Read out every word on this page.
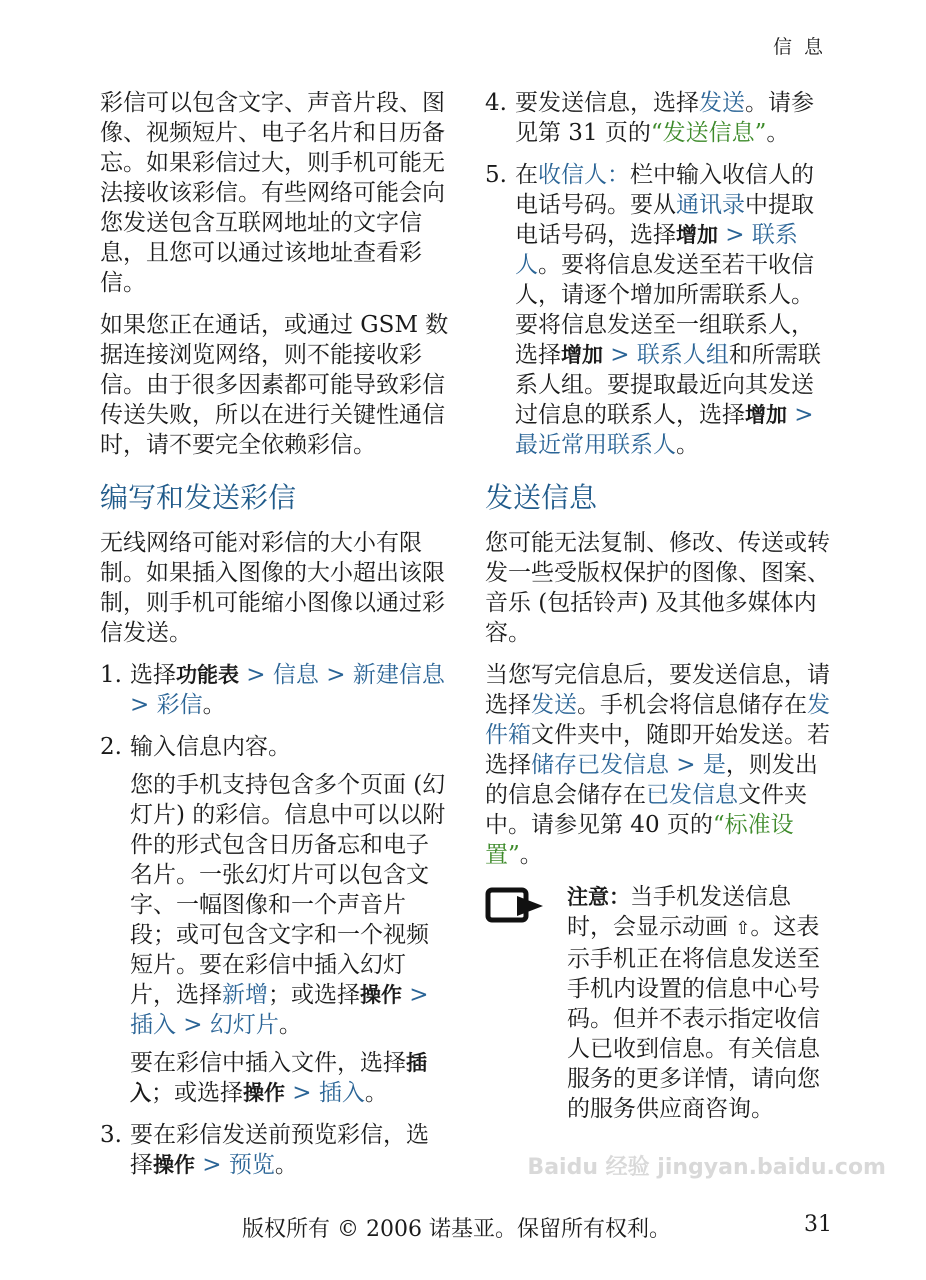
信 息

彩信可以包含文字、声音片段、图像、视频短片、电子名片和日历备忘。如果彩信过大，则手机可能无法接收该彩信。有些网络可能会向您发送包含互联网地址的文字信息，且您可以通过该地址查看彩信。

如果您正在通话，或通过 GSM 数据连接浏览网络，则不能接收彩信。由于很多因素都可能导致彩信传送失败，所以在进行关键性通信时，请不要完全依赖彩信。

编写和发送彩信

无线网络可能对彩信的大小有限制。如果插入图像的大小超出该限制，则手机可能缩小图像以通过彩信发送。

1. 选择功能表 > 信息 > 新建信息 > 彩信。
2. 输入信息内容。

您的手机支持包含多个页面 (幻灯片) 的彩信。信息中可以以附件的形式包含日历备忘和电子名片。一张幻灯片可以包含文字、一幅图像和一个声音片段；或可包含文字和一个视频短片。要在彩信中插入幻灯片，选择新增；或选择操作 > 插入 > 幻灯片。

要在彩信中插入文件，选择插入；或选择操作 > 插入。

3. 要在彩信发送前预览彩信，选择操作 > 预览。
4. 要发送信息，选择发送。请参见第 31 页的“发送信息”。
5. 在收信人：栏中输入收信人的电话号码。要从通讯录中提取电话号码，选择增加 > 联系人。要将信息发送至若干收信人，请逐个增加所需联系人。要将信息发送至一组联系人，选择增加 > 联系人组和所需联系人组。要提取最近向其发送过信息的联系人，选择增加 > 最近常用联系人。
发送信息

您可能无法复制、修改、传送或转发一些受版权保护的图像、图案、音乐 (包括铃声) 及其他多媒体内容。

当您写完信息后，要发送信息，请选择发送。手机会将信息储存在发件箱文件夹中，随即开始发送。若选择储存已发信息 > 是，则发出的信息会储存在已发信息文件夹中。请参见第 40 页的“标准设置”。

注意：当手机发送信息时，会显示动画 ⇧。这表示手机正在将信息发送至手机内设置的信息中心号码。但并不表示指定收信人已收到信息。有关信息服务的更多详情，请向您的服务供应商咨询。

Baidu 经验 jingyan.baidu.com
版权所有 © 2006 诺基亚。保留所有权利。	31
